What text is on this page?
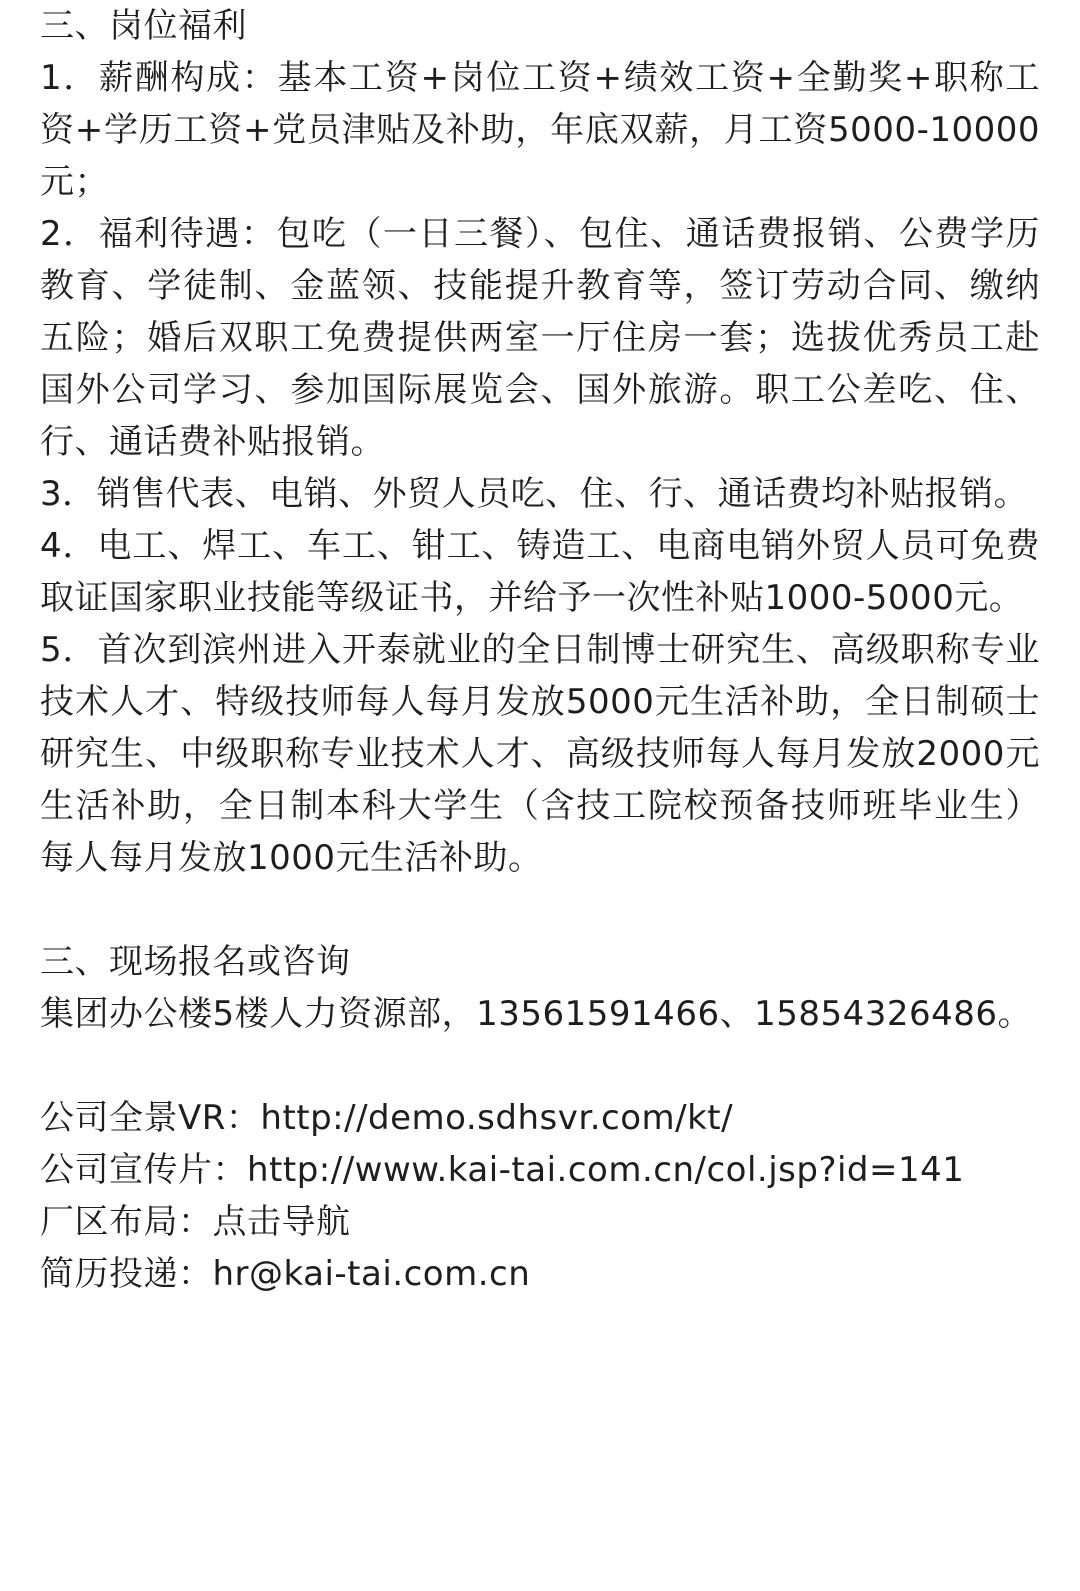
三、岗位福利

1．薪酬构成：基本工资+岗位工资+绩效工资+全勤奖+职称工资+学历工资+党员津贴及补助，年底双薪，月工资5000-10000元；

2．福利待遇：包吃（一日三餐）、包住、通话费报销、公费学历教育、学徒制、金蓝领、技能提升教育等，签订劳动合同、缴纳五险；婚后双职工免费提供两室一厅住房一套；选拔优秀员工赴国外公司学习、参加国际展览会、国外旅游。职工公差吃、住、行、通话费补贴报销。

3．销售代表、电销、外贸人员吃、住、行、通话费均补贴报销。

4．电工、焊工、车工、钳工、铸造工、电商电销外贸人员可免费取证国家职业技能等级证书，并给予一次性补贴1000-5000元。

5．首次到滨州进入开泰就业的全日制博士研究生、高级职称专业技术人才、特级技师每人每月发放5000元生活补助，全日制硕士研究生、中级职称专业技术人才、高级技师每人每月发放2000元生活补助，全日制本科大学生（含技工院校预备技师班毕业生）每人每月发放1000元生活补助。

三、现场报名或咨询

集团办公楼5楼人力资源部，13561591466、15854326486。

公司全景VR：http://demo.sdhsvr.com/kt/

公司宣传片：http://www.kai-tai.com.cn/col.jsp?id=141

厂区布局：点击导航

简历投递：hr@kai-tai.com.cn
